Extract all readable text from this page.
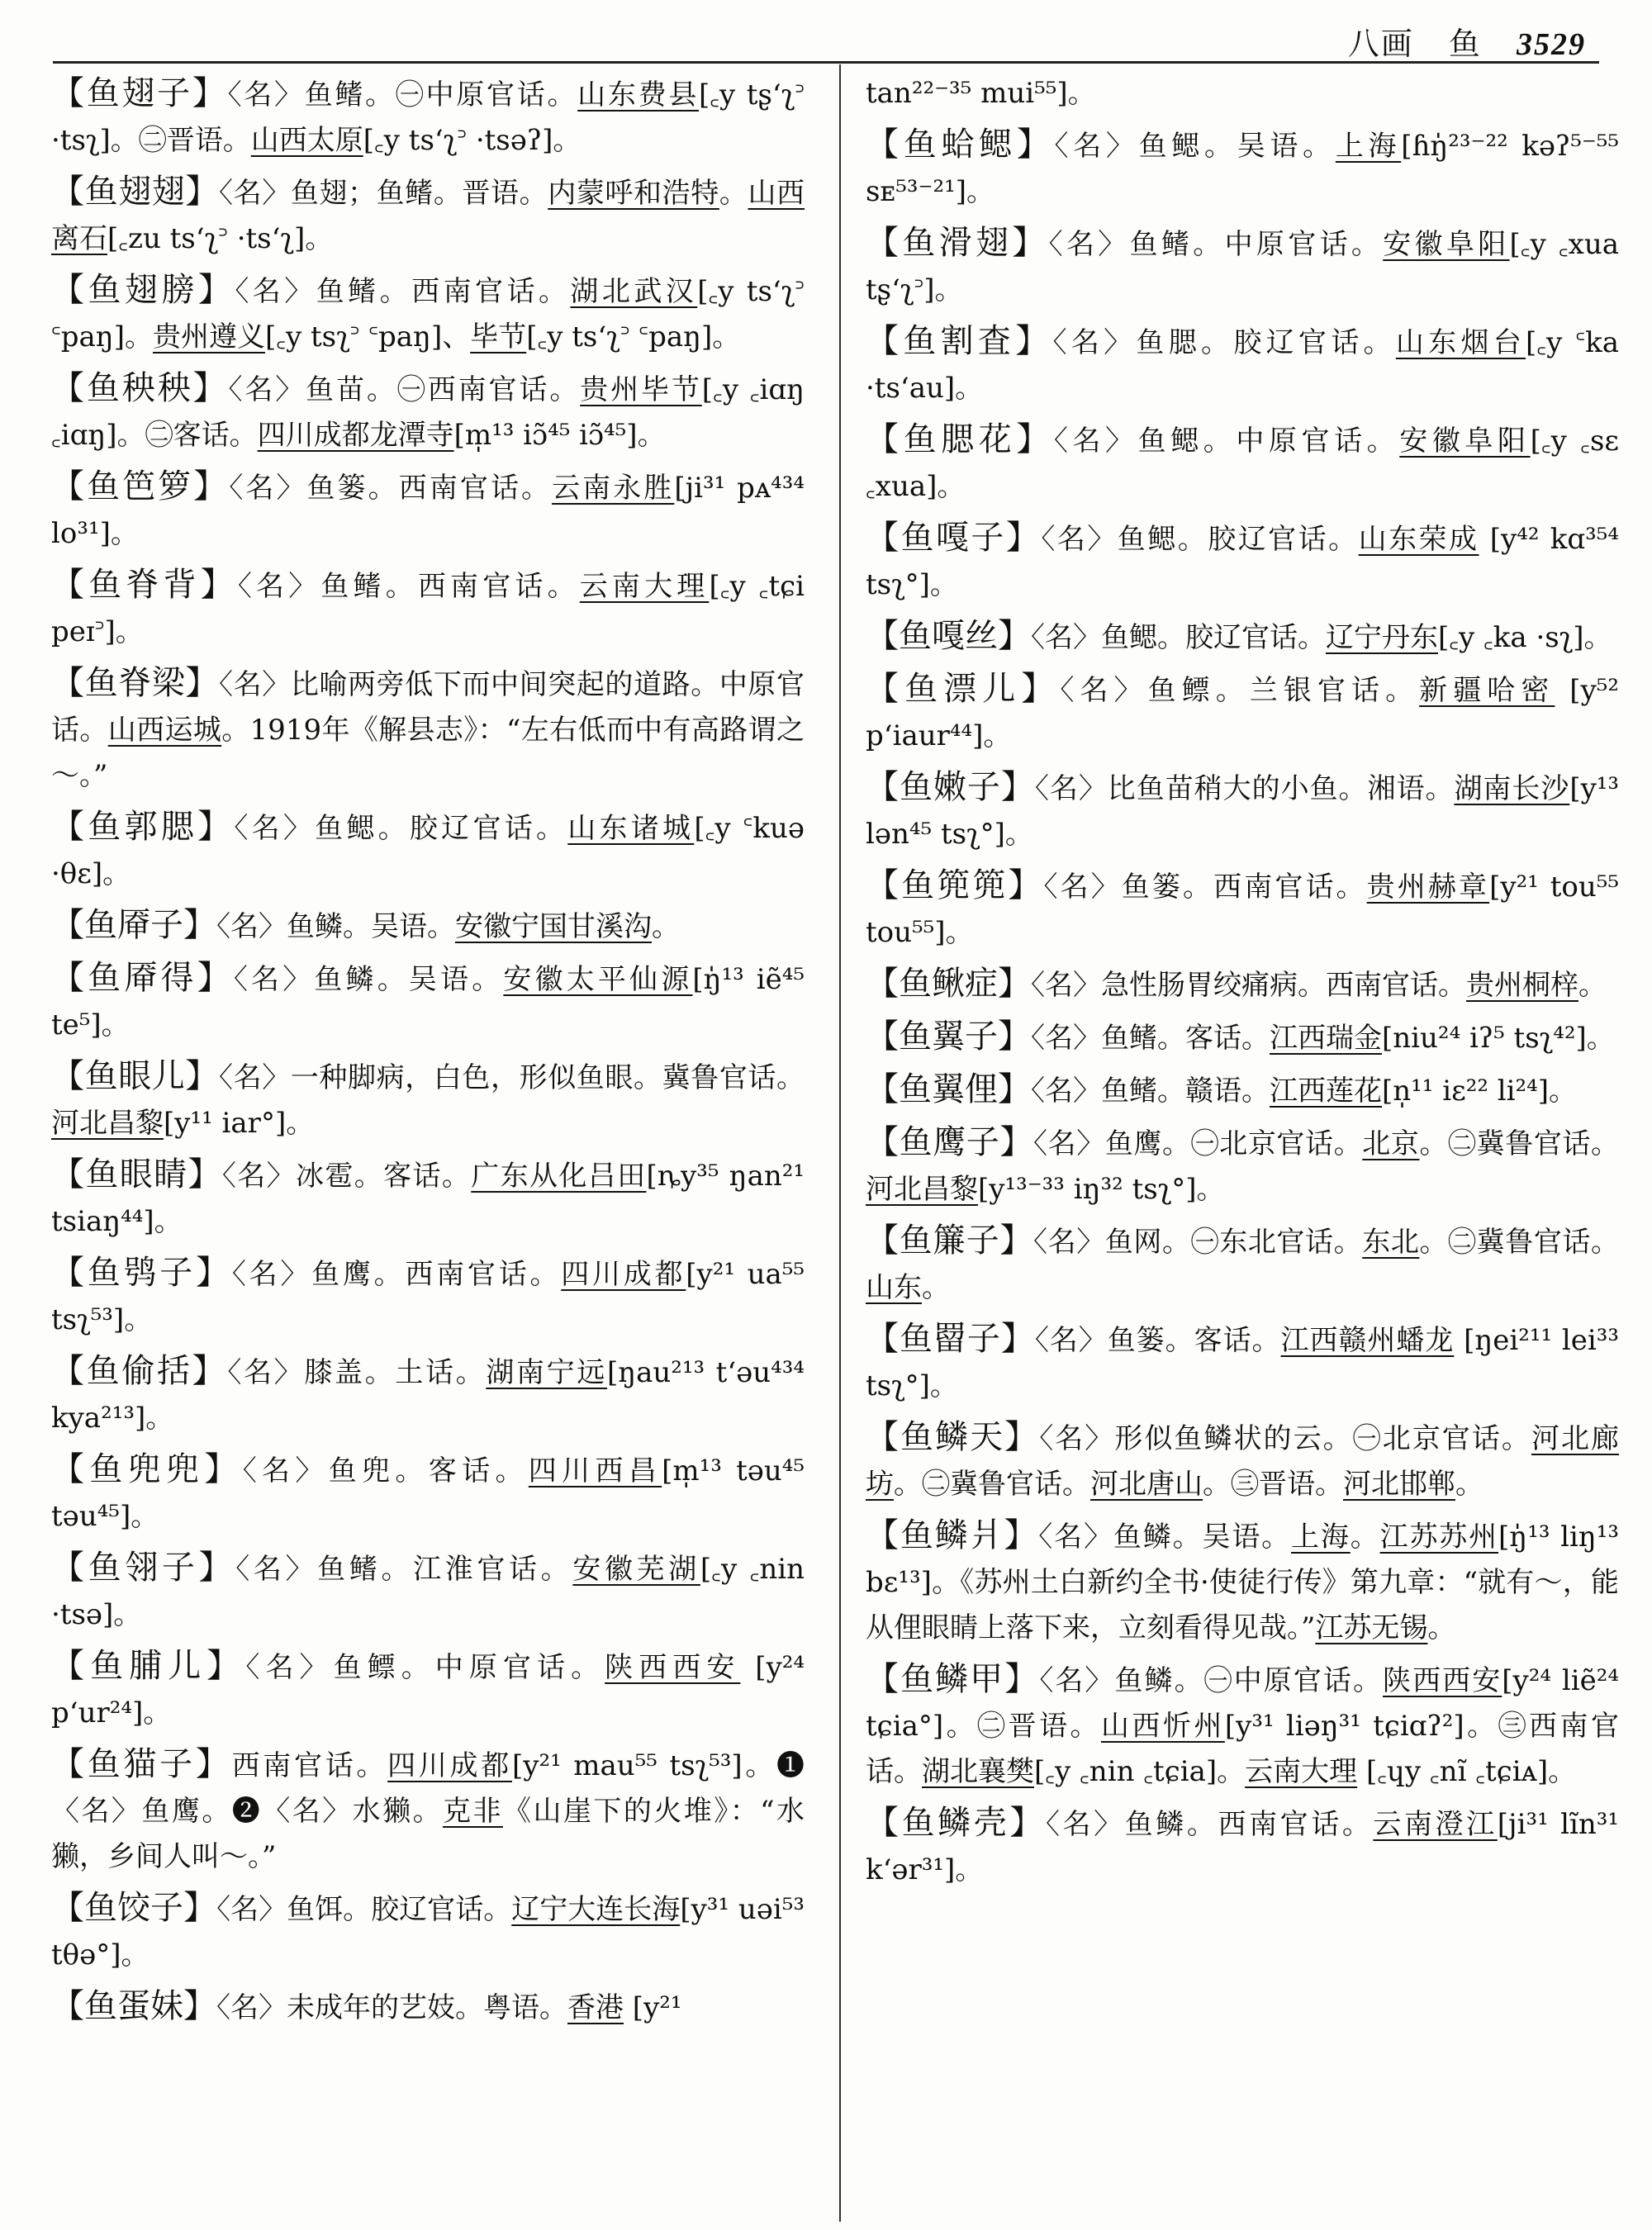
八画 鱼 3529

【鱼翅子】〈名〉鱼鳍。㊀中原官话。山东费县[꜀y tʂʻʅ꜄ ·tsʅ]。㊁晋语。山西太原[꜀y tsʻʅ꜄ ·tsəʔ]。

【鱼翅翅】〈名〉鱼翅；鱼鳍。晋语。内蒙呼和浩特。山西离石[꜀zu tsʻʅ꜄ ·tsʻʅ]。

【鱼翅膀】〈名〉鱼鳍。西南官话。湖北武汉[꜀y tsʻʅ꜄ ꜂paŋ]。贵州遵义[꜀y tsʅ꜄ ꜂paŋ]、毕节[꜀y tsʻʅ꜄ ꜂paŋ]。

【鱼秧秧】〈名〉鱼苗。㊀西南官话。贵州毕节[꜀y ꜀iɑŋ ꜀iɑŋ]。㊁客话。四川成都龙潭寺[m̩¹³ iɔ̃⁴⁵ iɔ̃⁴⁵]。

【鱼笆箩】〈名〉鱼篓。西南官话。云南永胜[ji³¹ pᴀ⁴³⁴ lo³¹]。

【鱼脊背】〈名〉鱼鳍。西南官话。云南大理[꜀y ꜀tɕi peɪ꜄]。

【鱼脊梁】〈名〉比喻两旁低下而中间突起的道路。中原官话。山西运城。1919年《解县志》：“左右低而中有高路谓之～。”

【鱼郭腮】〈名〉鱼鳃。胶辽官话。山东诸城[꜀y ꜂kuə ·θɛ]。

【鱼厣子】〈名〉鱼鳞。吴语。安徽宁国甘溪沟。

【鱼厣得】〈名〉鱼鳞。吴语。安徽太平仙源[ŋ̍¹³ iẽ⁴⁵ te⁵]。

【鱼眼儿】〈名〉一种脚病，白色，形似鱼眼。冀鲁官话。河北昌黎[y¹¹ iar°]。

【鱼眼睛】〈名〉冰雹。客话。广东从化吕田[ȵy³⁵ ŋan²¹ tsiaŋ⁴⁴]。

【鱼鸮子】〈名〉鱼鹰。西南官话。四川成都[y²¹ ua⁵⁵ tsʅ⁵³]。

【鱼偷括】〈名〉膝盖。土话。湖南宁远[ŋau²¹³ tʻəu⁴³⁴ kya²¹³]。

【鱼兜兜】〈名〉鱼兜。客话。四川西昌[m̩¹³ təu⁴⁵ təu⁴⁵]。

【鱼翎子】〈名〉鱼鳍。江淮官话。安徽芜湖[꜀y ꜀nin ·tsə]。

【鱼脯儿】〈名〉鱼鳔。中原官话。陕西西安 [y²⁴ pʻur²⁴]。

【鱼猫子】西南官话。四川成都[y²¹ mau⁵⁵ tsʅ⁵³]。❶〈名〉鱼鹰。❷〈名〉水獭。克非《山崖下的火堆》：“水獭，乡间人叫～。”

【鱼饺子】〈名〉鱼饵。胶辽官话。辽宁大连长海[y³¹ uəi⁵³ tθə°]。

【鱼蛋妹】〈名〉未成年的艺妓。粤语。香港 [y²¹

tan²²⁻³⁵ mui⁵⁵]。

【鱼蛤鳃】〈名〉鱼鳃。吴语。上海[ɦŋ̍²³⁻²² kəʔ⁵⁻⁵⁵ sᴇ⁵³⁻²¹]。

【鱼滑翅】〈名〉鱼鳍。中原官话。安徽阜阳[꜀y ꜀xua tʂʻʅ꜄]。

【鱼割査】〈名〉鱼腮。胶辽官话。山东烟台[꜀y ꜂ka ·tsʻau]。

【鱼腮花】〈名〉鱼鳃。中原官话。安徽阜阳[꜀y ꜀sɛ ꜀xua]。

【鱼嘎子】〈名〉鱼鳃。胶辽官话。山东荣成 [y⁴² kɑ³⁵⁴ tsʅ°]。

【鱼嘎丝】〈名〉鱼鳃。胶辽官话。辽宁丹东[꜀y ꜀ka ·sʅ]。

【鱼漂儿】〈名〉鱼鳔。兰银官话。新疆哈密 [y⁵² pʻiaur⁴⁴]。

【鱼嫩子】〈名〉比鱼苗稍大的小鱼。湘语。湖南长沙[y¹³ lən⁴⁵ tsʅ°]。

【鱼篼篼】〈名〉鱼篓。西南官话。贵州赫章[y²¹ tou⁵⁵ tou⁵⁵]。

【鱼鳅症】〈名〉急性肠胃绞痛病。西南官话。贵州桐梓。

【鱼翼子】〈名〉鱼鳍。客话。江西瑞金[niu²⁴ iʔ⁵ tsʅ⁴²]。

【鱼翼俚】〈名〉鱼鳍。赣语。江西莲花[n̩¹¹ iɛ²² li²⁴]。

【鱼鹰子】〈名〉鱼鹰。㊀北京官话。北京。㊁冀鲁官话。河北昌黎[y¹³⁻³³ iŋ³² tsʅ°]。

【鱼簾子】〈名〉鱼网。㊀东北官话。东北。㊁冀鲁官话。山东。

【鱼罶子】〈名〉鱼篓。客话。江西赣州蟠龙 [ŋei²¹¹ lei³³ tsʅ°]。

【鱼鳞天】〈名〉形似鱼鳞状的云。㊀北京官话。河北廊坊。㊁冀鲁官话。河北唐山。㊂晋语。河北邯郸。

【鱼鳞爿】〈名〉鱼鳞。吴语。上海。江苏苏州[ŋ̍¹³ liŋ¹³ bɛ¹³]。《苏州土白新约全书·使徒行传》第九章：“就有～，能从俚眼睛上落下来，立刻看得见哉。”江苏无锡。

【鱼鳞甲】〈名〉鱼鳞。㊀中原官话。陕西西安[y²⁴ liẽ²⁴ tɕia°]。㊁晋语。山西忻州[y³¹ liəŋ³¹ tɕiɑʔ²]。㊂西南官话。湖北襄樊[꜀y ꜀nin ꜀tɕia]。云南大理 [꜀ɥy ꜀nĩ ꜀tɕiᴀ]。

【鱼鳞壳】〈名〉鱼鳞。西南官话。云南澄江[ji³¹ lĩn³¹ kʻər³¹]。
